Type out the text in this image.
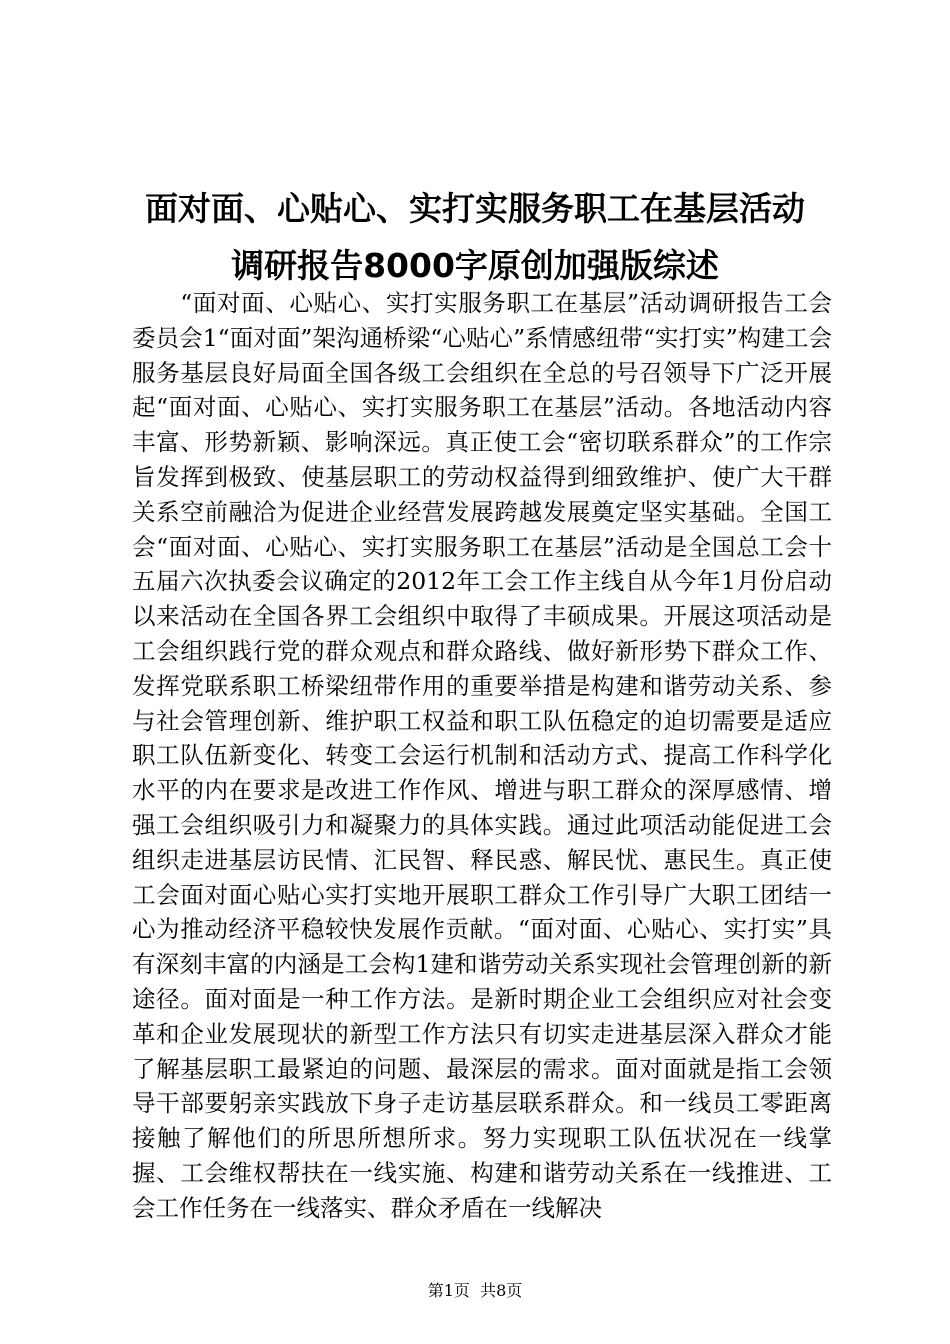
面对面、心贴心、实打实服务职工在基层活动

调研报告8000字原创加强版综述

　　“面对面、心贴心、实打实服务职工在基层”活动调研报告工会委员会1“面对面”架沟通桥梁“心贴心”系情感纽带“实打实”构建工会服务基层良好局面全国各级工会组织在全总的号召领导下广泛开展起“面对面、心贴心、实打实服务职工在基层”活动。各地活动内容丰富、形势新颖、影响深远。真正使工会“密切联系群众”的工作宗旨发挥到极致、使基层职工的劳动权益得到细致维护、使广大干群关系空前融洽为促进企业经营发展跨越发展奠定坚实基础。全国工会“面对面、心贴心、实打实服务职工在基层”活动是全国总工会十五届六次执委会议确定的2012年工会工作主线自从今年1月份启动以来活动在全国各界工会组织中取得了丰硕成果。开展这项活动是工会组织践行党的群众观点和群众路线、做好新形势下群众工作、发挥党联系职工桥梁纽带作用的重要举措是构建和谐劳动关系、参与社会管理创新、维护职工权益和职工队伍稳定的迫切需要是适应职工队伍新变化、转变工会运行机制和活动方式、提高工作科学化水平的内在要求是改进工作作风、增进与职工群众的深厚感情、增强工会组织吸引力和凝聚力的具体实践。通过此项活动能促进工会组织走进基层访民情、汇民智、释民惑、解民忧、惠民生。真正使工会面对面心贴心实打实地开展职工群众工作引导广大职工团结一心为推动经济平稳较快发展作贡献。“面对面、心贴心、实打实”具有深刻丰富的内涵是工会构1建和谐劳动关系实现社会管理创新的新途径。面对面是一种工作方法。是新时期企业工会组织应对社会变革和企业发展现状的新型工作方法只有切实走进基层深入群众才能了解基层职工最紧迫的问题、最深层的需求。面对面就是指工会领导干部要躬亲实践放下身子走访基层联系群众。和一线员工零距离接触了解他们的所思所想所求。努力实现职工队伍状况在一线掌握、工会维权帮扶在一线实施、构建和谐劳动关系在一线推进、工会工作任务在一线落实、群众矛盾在一线解决

第1页  共8页
